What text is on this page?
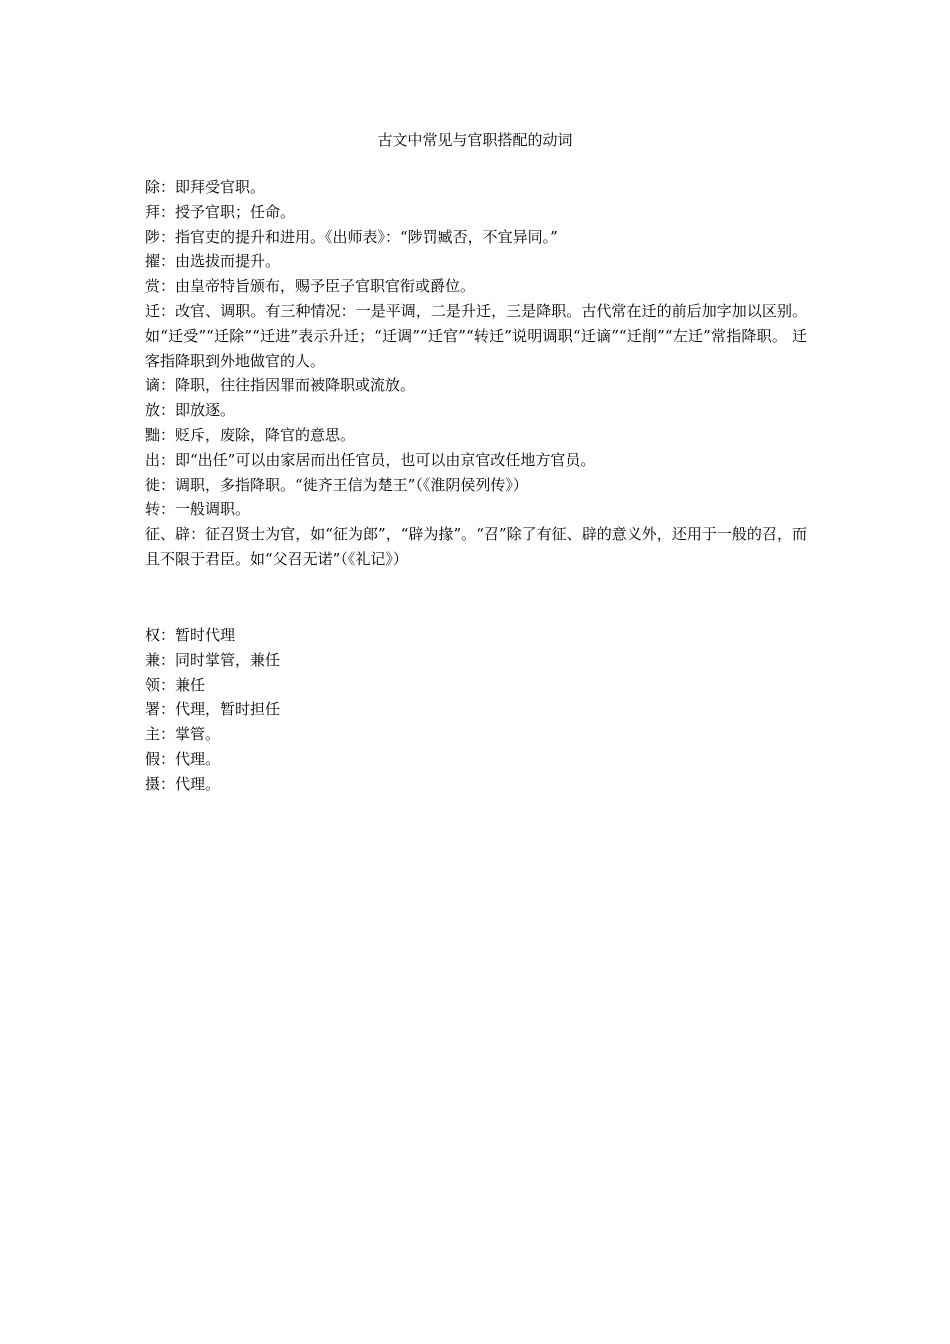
古文中常见与官职搭配的动词

除：即拜受官职。

拜：授予官职；任命。

陟：指官吏的提升和进用。《出师表》：“陟罚臧否，不宜异同。”

擢：由选拔而提升。

赏：由皇帝特旨颁布，赐予臣子官职官衔或爵位。

迁：改官、调职。有三种情况：一是平调，二是升迁，三是降职。古代常在迁的前后加字加以区别。如“迁受”“迁除”“迁进”表示升迁；“迁调”“迁官”“转迁”说明调职“迁谪”“迁削”“左迁”常指降职。 迁客指降职到外地做官的人。

谪：降职，往往指因罪而被降职或流放。

放：即放逐。

黜：贬斥，废除，降官的意思。

出：即“出任”可以由家居而出任官员，也可以由京官改任地方官员。

徙：调职，多指降职。“徙齐王信为楚王”（《淮阴侯列传》）

转：一般调职。

征、辟：征召贤士为官，如“征为郎”，“辟为掾”。“召”除了有征、辟的意义外，还用于一般的召，而且不限于君臣。如“父召无诺”（《礼记》）

权：暂时代理

兼：同时掌管，兼任

领：兼任

署：代理，暂时担任

主：掌管。

假：代理。

摄：代理。
